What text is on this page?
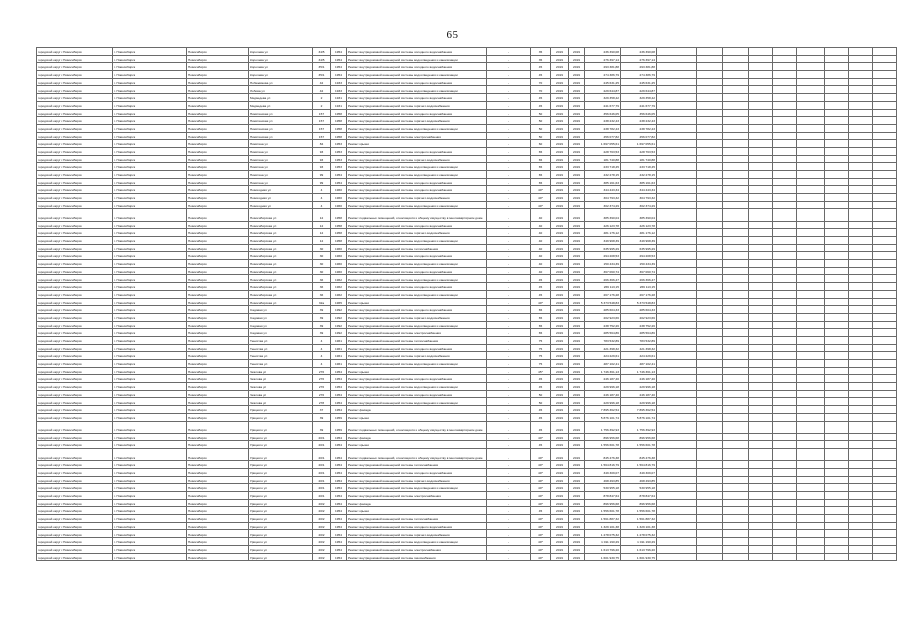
65
городской округ г.Новосибирск	г. Новосибирск	Новосибирск	Королева ул	34/5	1954	Ремонт внутридомовой инженерной системы холодного водоснабжения	-	35	2019	2019	236 390,08	236 390,08									
городской округ г.Новосибирск	г. Новосибирск	Новосибирск	Королева ул	34/5	1954	Ремонт внутридомовой инженерной системы водоотведения и канализации	-	35	2019	2019	276 397,14	276 397,14									
городской округ г.Новосибирск	г. Новосибирск	Новосибирск	Королева ул	35/1	1954	Ремонт внутридомовой инженерной системы холодного водоснабжения	-	45	2019	2019	293 381,88	293 381,88									
городской округ г.Новосибирск	г. Новосибирск	Новосибирск	Королева ул	35/1	1954	Ремонт внутридомовой инженерной системы водоотведения и канализации	-	45	2019	2019	274 386,79	274 386,79									
городской округ г.Новосибирск	г. Новосибирск	Новосибирск	Побежимова ул	42	1933	Ремонт внутридомовой инженерной системы холодного водоснабжения	-	70	2019	2019	245 631,25	245 631,25									
городской округ г.Новосибирск	г. Новосибирск	Новосибирск	Лобова ул	42	1933	Ремонт внутридомовой инженерной системы водоотведения и канализации	-	70	2019	2019	229 644,87	229 644,87									
городской округ г.Новосибирск	г. Новосибирск	Новосибирск	Медведева ул	2	1931	Ремонт внутридомовой инженерной системы холодного водоснабжения	-	45	2019	2019	329 358,42	329 358,42									
городской округ г.Новосибирск	г. Новосибирск	Новосибирск	Медведева ул	2	1931	Ремонт внутридомовой инженерной системы горячего водоснабжения	-	45	2019	2019	241 677,79	241 677,79									
городской округ г.Новосибирск	г. Новосибирск	Новосибирск	Никитинская ул	157	1958	Ремонт внутридомовой инженерной системы холодного водоснабжения	-	50	2019	2019	356 646,05	356 646,05									
городской округ г.Новосибирск	г. Новосибирск	Новосибирск	Никитинская ул	157	1958	Ремонт внутридомовой инженерной системы горячего водоснабжения	-	50	2019	2019	238 232,43	238 232,43									
городской округ г.Новосибирск	г. Новосибирск	Новосибирск	Никитинская ул	157	1958	Ремонт внутридомовой инженерной системы водоотведения и канализации	-	50	2019	2019	238 782,43	238 782,43									
городской округ г.Новосибирск	г. Новосибирск	Новосибирск	Никитинская ул	157	1958	Ремонт внутридомовой инженерной системы электроснабжения	-	50	2019	2019	456 077,82	456 077,82									
городской округ г.Новосибирск	г. Новосибирск	Новосибирск	Никитина ул	84	1953	Ремонт крыши	-	60	2019	2019	1 697 055,61	1 697 055,61									
городской округ г.Новосибирск	г. Новосибирск	Новосибирск	Никитина ул	93	1953	Ремонт внутридомовой инженерной системы холодного водоснабжения	-	65	2019	2019	228 763,53	228 763,53									
городской округ г.Новосибирск	г. Новосибирск	Новосибирск	Никитина ул	93	1953	Ремонт внутридомовой инженерной системы горячего водоснабжения	-	65	2019	2019	181 740,88	181 740,88									
городской округ г.Новосибирск	г. Новосибирск	Новосибирск	Никитина ул	93	1953	Ремонт внутридомовой инженерной системы водоотведения и канализации	-	65	2019	2019	233 718,45	233 718,45									
городской округ г.Новосибирск	г. Новосибирск	Новосибирск	Никитина ул	99	1954	Ремонт внутридомовой инженерной системы водоотведения и канализации	-	65	2019	2019	432 278,15	432 278,15									
городской округ г.Новосибирск	г. Новосибирск	Новосибирск	Никитина ул	99	1954	Ремонт внутридомовой инженерной системы холодного водоснабжения	-	65	2019	2019	385 161,63	385 161,63									
городской округ г.Новосибирск	г. Новосибирск	Новосибирск	Новогодняя ул	4	1960	Ремонт внутридомовой инженерной системы холодного водоснабжения	-	40*	2019	2019	344 443,34	344 443,34									
городской округ г.Новосибирск	г. Новосибирск	Новосибирск	Новогодняя ул	4	1960	Ремонт внутридомовой инженерной системы горячего водоснабжения	-	40*	2019	2019	304 793,32	304 793,32									
городской округ г.Новосибирск	г. Новосибирск	Новосибирск	Новогодняя ул	4	1960	Ремонт внутридомовой инженерной системы водоотведения и канализации	-	40*	2019	2019	302 374,29	302 374,29									
городской округ г.Новосибирск	г. Новосибирск	Новосибирск	Новосибирская ул	12	1958	Ремонт подвальных помещений, относящихся к общему имуществу в многоквартирном доме	-	40	2019	2019	385 390,04	385 390,04									
городской округ г.Новосибирск	г. Новосибирск	Новосибирск	Новосибирская ул	12	1958	Ремонт внутридомовой инженерной системы холодного водоснабжения	-	40	2019	2019	426 123,78	426 123,78									
городской округ г.Новосибирск	г. Новосибирск	Новосибирск	Новосибирская ул	12	1958	Ремонт внутридомовой инженерной системы горячего водоснабжения	-	40	2019	2019	481 176,12	481 176,12									
городской округ г.Новосибирск	г. Новосибирск	Новосибирск	Новосибирская ул	12	1958	Ремонт внутридомовой инженерной системы водоотведения и канализации	-	40	2019	2019	349 968,39	349 968,39									
городской округ г.Новосибирск	г. Новосибирск	Новосибирск	Новосибирская ул	30	1960	Ремонт внутридомовой инженерной системы теплоснабжения	-	40	2019	2019	635 995,29	635 995,29									
городской округ г.Новосибирск	г. Новосибирск	Новосибирск	Новосибирская ул	30	1960	Ремонт внутридомовой инженерной системы холодного водоснабжения	-	40	2019	2019	294 208,53	294 208,53									
городской округ г.Новосибирск	г. Новосибирск	Новосибирск	Новосибирская ул	30	1960	Ремонт внутридомовой инженерной системы водоотведения и канализации	-	40	2019	2019	150 434,39	150 434,39									
городской округ г.Новосибирск	г. Новосибирск	Новосибирск	Новосибирская ул	30	1960	Ремонт внутридомовой инженерной системы холодного водоснабжения	-	40	2019	2019	367 060,74	367 060,74									
городской округ г.Новосибирск	г. Новосибирск	Новосибирск	Новосибирская ул	36	1962	Ремонт внутридомовой инженерной системы водоотведения и канализации	-	45	2019	2019	266 366,47	266 366,47									
городской округ г.Новосибирск	г. Новосибирск	Новосибирск	Новосибирская ул	36	1962	Ремонт внутридомовой инженерной системы холодного водоснабжения	-	45	2019	2019	269 113,15	269 113,15									
городской округ г.Новосибирск	г. Новосибирск	Новосибирск	Новосибирская ул	36	1962	Ремонт внутридомовой инженерной системы водоотведения и канализации	-	45	2019	2019	267 176,28	267 176,28									
городской округ г.Новосибирск	г. Новосибирск	Новосибирск	Новосибирская ул	32а	1965	Ремонт крыши	-	40*	2019	2019	5 373 548,83	5 373 548,83									
городской округ г.Новосибирск	г. Новосибирск	Новосибирск	Садовая ул	39	1992	Ремонт внутридомовой инженерной системы холодного водоснабжения	-	65	2019	2019	285 604,33	285 604,33									
городской округ г.Новосибирск	г. Новосибирск	Новосибирск	Садовая ул	39	1992	Ремонт внутридомовой инженерной системы горячего водоснабжения	-	65	2019	2019	202 923,66	202 923,66									
городской округ г.Новосибирск	г. Новосибирск	Новосибирск	Садовая ул	39	1992	Ремонт внутридомовой инженерной системы водоотведения и канализации	-	65	2019	2019	238 752,26	238 752,26									
городской округ г.Новосибирск	г. Новосибирск	Новосибирск	Садовая ул	39	1992	Ремонт внутридомовой инженерной системы электроснабжения	-	65	2019	2019	285 564,86	285 564,86									
городской округ г.Новосибирск	г. Новосибирск	Новосибирск	Тенистая ул	4	1961	Ремонт внутридомовой инженерной системы теплоснабжения	-	75	2019	2019	783 532,89	783 532,89									
городской округ г.Новосибирск	г. Новосибирск	Новосибирск	Тенистая ул	4	1961	Ремонт внутридомовой инженерной системы холодного водоснабжения	-	75	2019	2019	421 398,32	421 398,32									
городской округ г.Новосибирск	г. Новосибирск	Новосибирск	Тенистая ул	4	1961	Ремонт внутридомовой инженерной системы горячего водоснабжения	-	75	2019	2019	424 229,61	424 229,61									
городской округ г.Новосибирск	г. Новосибирск	Новосибирск	Тенистая ул	4	1961	Ремонт внутридомовой инженерной системы водоотведения и канализации	-	75	2019	2019	487 102,41	487 102,41									
городской округ г.Новосибирск	г. Новосибирск	Новосибирск	Чкалова ул	276	1954	Ремонт крыши	-	45*	2019	2019	1 746 361,13	1 746 361,13									
городской округ г.Новосибирск	г. Новосибирск	Новосибирск	Чкалова ул	276	1954	Ремонт внутридомовой инженерной системы холодного водоснабжения	-	45	2019	2019	246 187,40	246 187,40									
городской округ г.Новосибирск	г. Новосибирск	Новосибирск	Чкалова ул	276	1954	Ремонт внутридомовой инженерной системы водоотведения и канализации	-	45	2019	2019	229 996,18	229 996,18									
городской округ г.Новосибирск	г. Новосибирск	Новосибирск	Чкалова ул	276	1954	Ремонт внутридомовой инженерной системы холодного водоснабжения	-	50	2019	2019	246 187,40	246 187,40									
городской округ г.Новосибирск	г. Новосибирск	Новосибирск	Чкалова ул	278	1954	Ремонт внутридомовой инженерной системы водоотведения и канализации	-	50	2019	2019	229 996,18	229 996,18									
городской округ г.Новосибирск	г. Новосибирск	Новосибирск	Урицкого ул	37	1954	Ремонт фасада	-	45	2019	2019	7 895 362,54	7 895 362,54									
городской округ г.Новосибирск	г. Новосибирск	Новосибирск	Урицкого ул	39	1959	Ремонт крыши	-	45	2019	2019	5 876 101,74	5 876 101,74									
городской округ г.Новосибирск	г. Новосибирск	Новосибирск	Урицкого ул	39	1959	Ремонт подвальных помещений, относящихся к общему имуществу в многоквартирном доме	-	45	2019	2019	1 756 392,93	1 756 392,93									
городской округ г.Новосибирск	г. Новосибирск	Новосибирск	Урицкого ул	20/1	1954	Ремонт фасада	-	40*	2019	2019	896 956,68	896 956,68									
городской округ г.Новосибирск	г. Новосибирск	Новосибирск	Урицкого ул	20/1	1954	Ремонт крыши	-	45	2019	2019	1 556 601,78	1 556 601,78									
городской округ г.Новосибирск	г. Новосибирск	Новосибирск	Урицкого ул	20/1	1954	Ремонт подвальных помещений, относящихся к общему имуществу в многоквартирном доме	-	40*	2019	2019	845 476,38	845 476,38									
городской округ г.Новосибирск	г. Новосибирск	Новосибирск	Урицкого ул	20/1	1954	Ремонт внутридомовой инженерной системы теплоснабжения	-	40*	2019	2019	1 564 816,79	1 564 816,79									
городской округ г.Новосибирск	г. Новосибирск	Новосибирск	Урицкого ул	20/1	1954	Ремонт внутридомовой инженерной системы холодного водоснабжения	-	40*	2019	2019	349 309,07	349 309,07									
городской округ г.Новосибирск	г. Новосибирск	Новосибирск	Урицкого ул	20/1	1954	Ремонт внутридомовой инженерной системы горячего водоснабжения	-	40*	2019	2019	468 493,85	468 493,85									
городской округ г.Новосибирск	г. Новосибирск	Новосибирск	Урицкого ул	20/1	1954	Ремонт внутридомовой инженерной системы водоотведения и канализации	-	40*	2019	2019	530 955,18	530 955,18									
городской округ г.Новосибирск	г. Новосибирск	Новосибирск	Урицкого ул	20/1	1954	Ремонт внутридомовой инженерной системы электроснабжения	-	40*	2019	2019	878 847,64	878 847,64									
городской округ г.Новосибирск	г. Новосибирск	Новосибирск	Урицкого ул	20/2	1954	Ремонт фасада	-	40*	2019	2019	896 956,68	896 956,68									
городской округ г.Новосибирск	г. Новосибирск	Новосибирск	Урицкого ул	20/2	1954	Ремонт крыши	-	45	2019	2019	1 556 601,78	1 556 601,78									
городской округ г.Новосибирск	г. Новосибирск	Новосибирск	Урицкого ул	20/2	1954	Ремонт внутридомовой инженерной системы теплоснабжения	-	40*	2019	2019	1 561 887,32	1 561 887,32									
городской округ г.Новосибирск	г. Новосибирск	Новосибирск	Урицкого ул	20/2	1954	Ремонт внутридомовой инженерной системы холодного водоснабжения	-	40*	2019	2019	1 329 101,38	1 329 101,38									
городской округ г.Новосибирск	г. Новосибирск	Новосибирск	Урицкого ул	20/2	1954	Ремонт внутридомовой инженерной системы горячего водоснабжения	-	40*	2019	2019	1 278 075,32	1 278 075,32									
городской округ г.Новосибирск	г. Новосибирск	Новосибирск	Урицкого ул	20/2	1954	Ремонт внутридомовой инженерной системы водоотведения и канализации	-	40*	2019	2019	1 011 190,29	1 011 190,29									
городской округ г.Новосибирск	г. Новосибирск	Новосибирск	Урицкого ул	20/2	1954	Ремонт внутридомовой инженерной системы электроснабжения	-	40*	2019	2019	1 613 796,20	1 613 796,20									
городской округ г.Новосибирск	г. Новосибирск	Новосибирск	Урицкого ул	20/2	1954	Ремонт внутридомовой инженерной системы газоснабжения	-	40*	2019	2019	1 601 930,75	1 601 930,75									
